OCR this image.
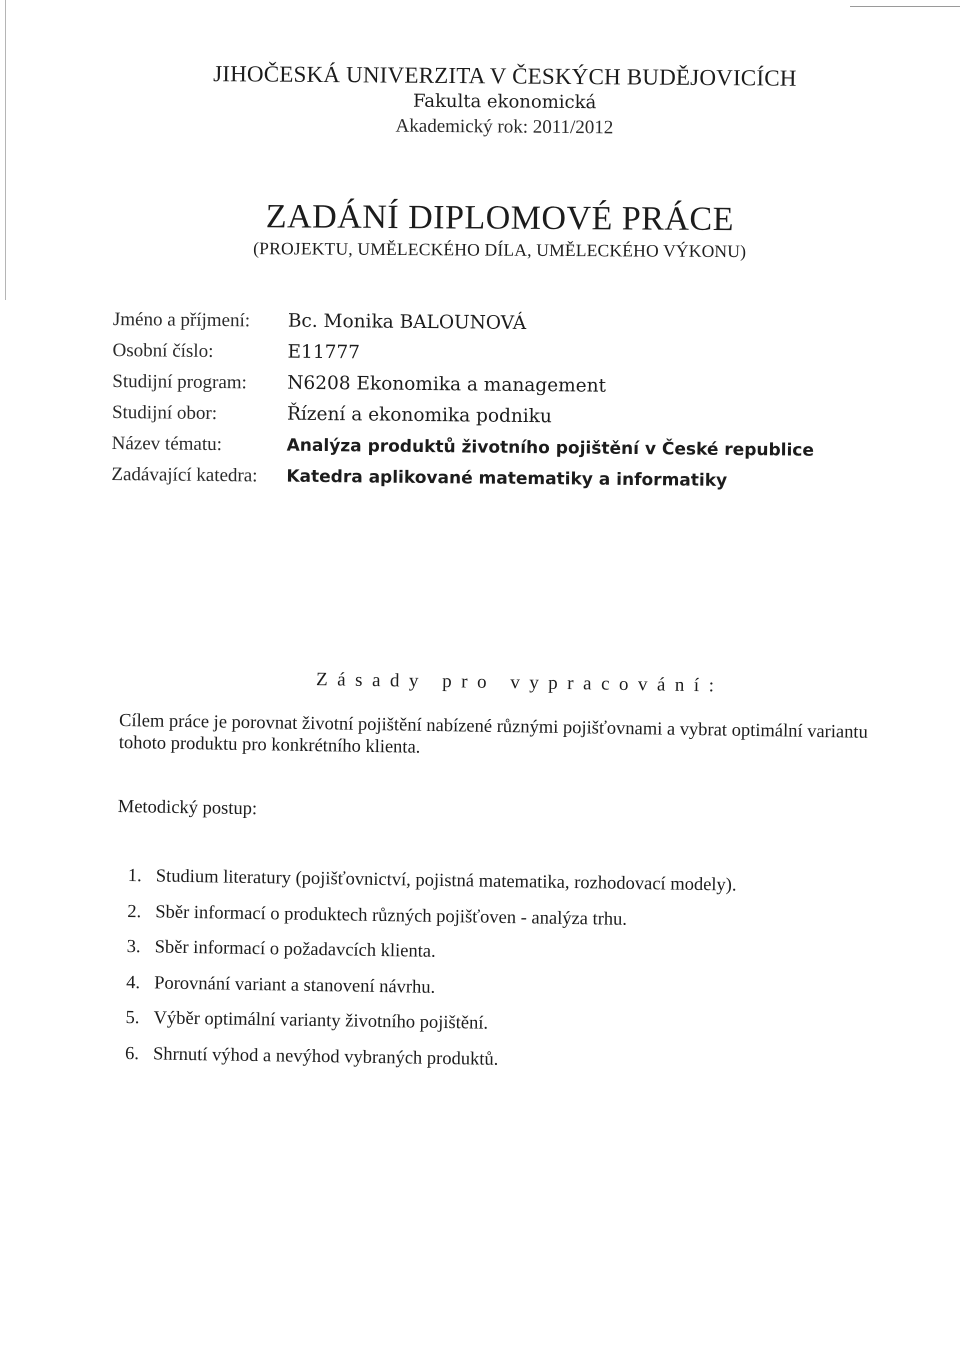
JIHOČESKÁ UNIVERZITA V ČESKÝCH BUDĚJOVICÍCH
Fakulta ekonomická
Akademický rok: 2011/2012
ZADÁNÍ DIPLOMOVÉ PRÁCE
(PROJEKTU, UMĚLECKÉHO DÍLA, UMĚLECKÉHO VÝKONU)
Jméno a příjmení:	Bc. Monika BALOUNOVÁ
Osobní číslo:	E11777
Studijní program:	N6208 Ekonomika a management
Studijní obor:	Řízení a ekonomika podniku
Název tématu:	Analýza produktů životního pojištění v České republice
Zadávající katedra:	Katedra aplikované matematiky a informatiky
Zásady pro vypracování:
Cílem práce je porovnat životní pojištění nabízené různými pojišťovnami a vybrat optimální variantu tohoto produktu pro konkrétního klienta.
Metodický postup:
1. Studium literatury (pojišťovnictví, pojistná matematika, rozhodovací modely).
2. Sběr informací o produktech různých pojišťoven - analýza trhu.
3. Sběr informací o požadavcích klienta.
4. Porovnání variant a stanovení návrhu.
5. Výběr optimální varianty životního pojištění.
6. Shrnutí výhod a nevýhod vybraných produktů.
